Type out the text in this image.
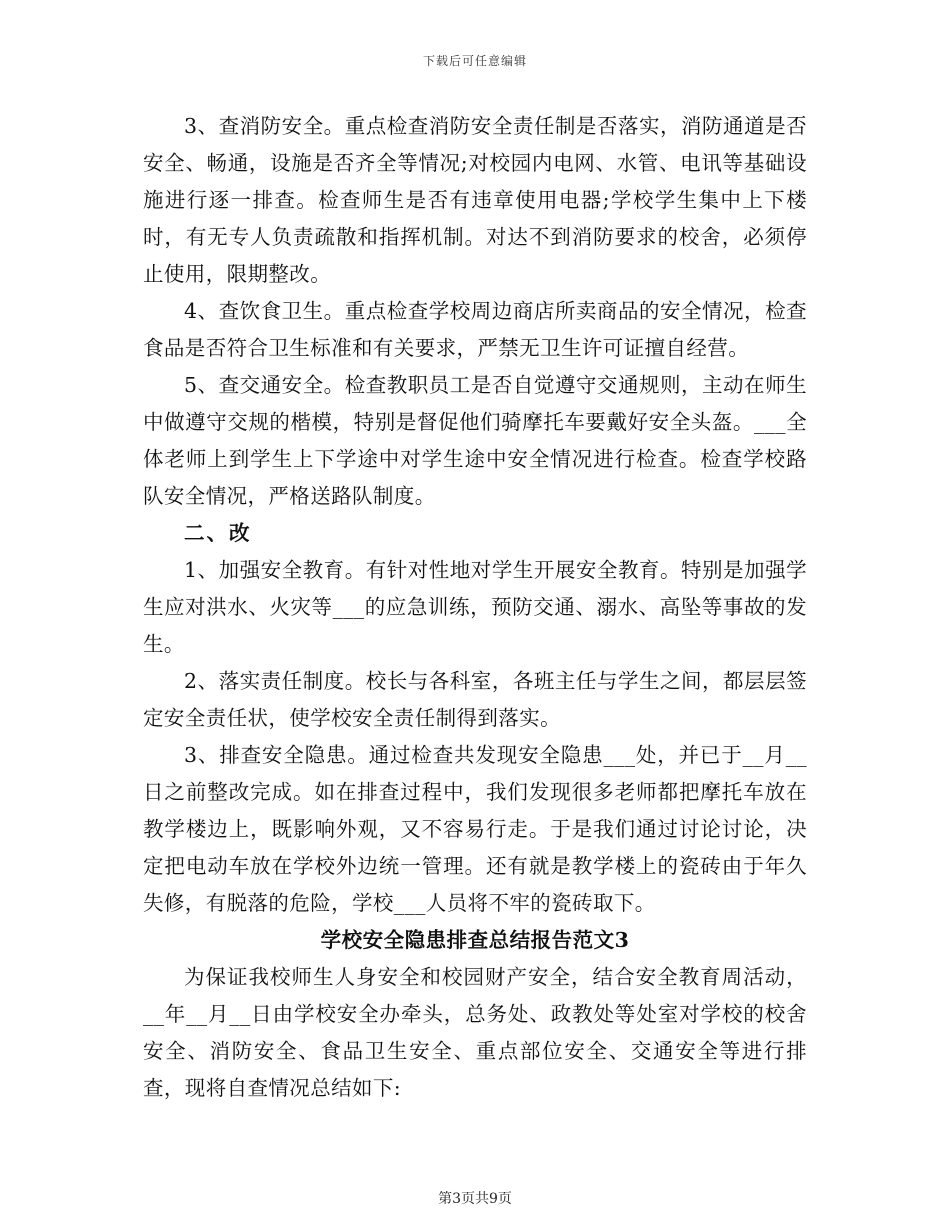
下载后可任意编辑

3、查消防安全。重点检查消防安全责任制是否落实，消防通道是否安全、畅通，设施是否齐全等情况;对校园内电网、水管、电讯等基础设施进行逐一排查。检查师生是否有违章使用电器;学校学生集中上下楼时，有无专人负责疏散和指挥机制。对达不到消防要求的校舍，必须停止使用，限期整改。

4、查饮食卫生。重点检查学校周边商店所卖商品的安全情况，检查食品是否符合卫生标准和有关要求，严禁无卫生许可证擅自经营。

5、查交通安全。检查教职员工是否自觉遵守交通规则，主动在师生中做遵守交规的楷模，特别是督促他们骑摩托车要戴好安全头盔。___全体老师上到学生上下学途中对学生途中安全情况进行检查。检查学校路队安全情况，严格送路队制度。

二、改

1、加强安全教育。有针对性地对学生开展安全教育。特别是加强学生应对洪水、火灾等___的应急训练，预防交通、溺水、高坠等事故的发生。

2、落实责任制度。校长与各科室，各班主任与学生之间，都层层签定安全责任状，使学校安全责任制得到落实。

3、排查安全隐患。通过检查共发现安全隐患___处，并已于__月__日之前整改完成。如在排查过程中，我们发现很多老师都把摩托车放在教学楼边上，既影响外观，又不容易行走。于是我们通过讨论讨论，决定把电动车放在学校外边统一管理。还有就是教学楼上的瓷砖由于年久失修，有脱落的危险，学校___人员将不牢的瓷砖取下。

学校安全隐患排查总结报告范文3

为保证我校师生人身安全和校园财产安全，结合安全教育周活动，__年__月__日由学校安全办牵头，总务处、政教处等处室对学校的校舍安全、消防安全、食品卫生安全、重点部位安全、交通安全等进行排查，现将自查情况总结如下:

第3页共9页
